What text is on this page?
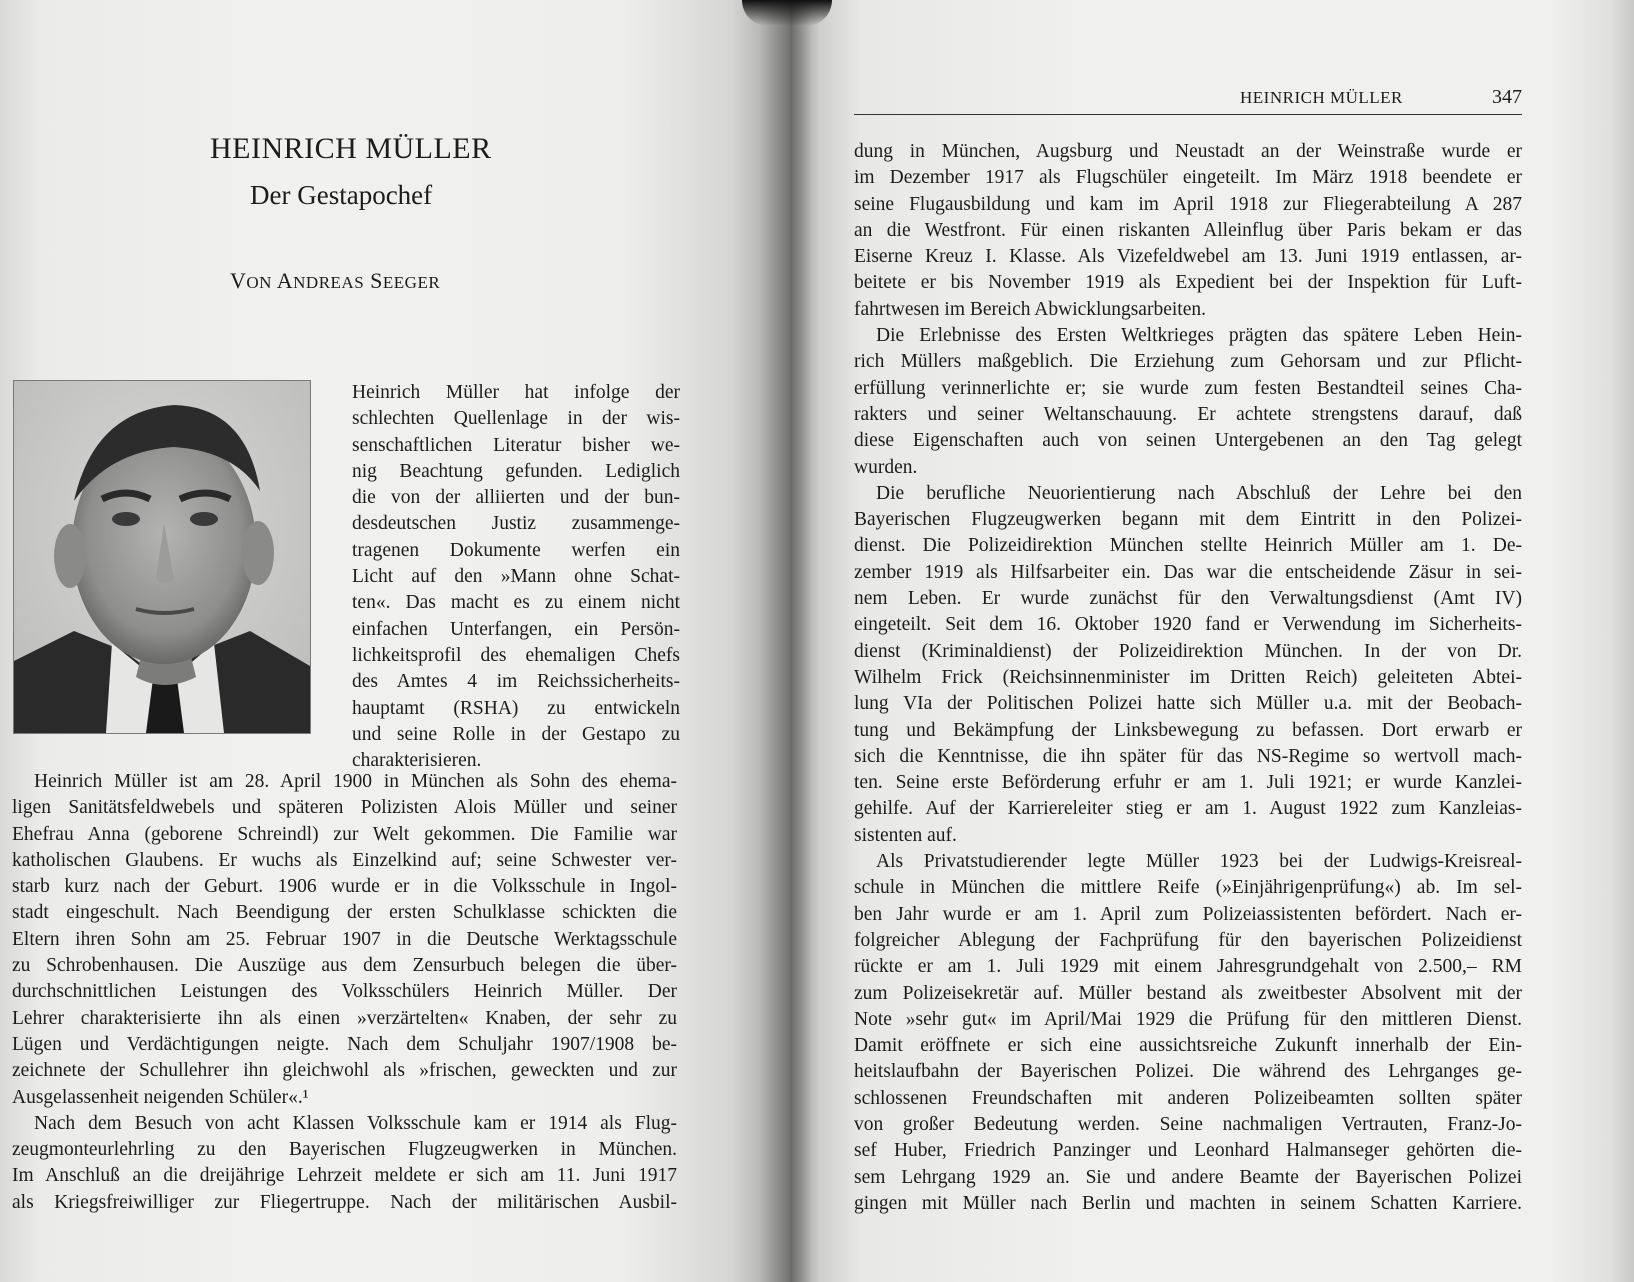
HEINRICH MÜLLER
Der Gestapochef
VON ANDREAS SEEGER
Heinrich Müller hat infolge der
schlechten Quellenlage in der wis-
senschaftlichen Literatur bisher we-
nig Beachtung gefunden. Lediglich
die von der alliierten und der bun-
desdeutschen Justiz zusammenge-
tragenen Dokumente werfen ein
Licht auf den »Mann ohne Schat-
ten«. Das macht es zu einem nicht
einfachen Unterfangen, ein Persön-
lichkeitsprofil des ehemaligen Chefs
des Amtes 4 im Reichssicherheits-
hauptamt (RSHA) zu entwickeln
und seine Rolle in der Gestapo zu
charakterisieren.
Heinrich Müller ist am 28. April 1900 in München als Sohn des ehema-
ligen Sanitätsfeldwebels und späteren Polizisten Alois Müller und seiner
Ehefrau Anna (geborene Schreindl) zur Welt gekommen. Die Familie war
katholischen Glaubens. Er wuchs als Einzelkind auf; seine Schwester ver-
starb kurz nach der Geburt. 1906 wurde er in die Volksschule in Ingol-
stadt eingeschult. Nach Beendigung der ersten Schulklasse schickten die
Eltern ihren Sohn am 25. Februar 1907 in die Deutsche Werktagsschule
zu Schrobenhausen. Die Auszüge aus dem Zensurbuch belegen die über-
durchschnittlichen Leistungen des Volksschülers Heinrich Müller. Der
Lehrer charakterisierte ihn als einen »verzärtelten« Knaben, der sehr zu
Lügen und Verdächtigungen neigte. Nach dem Schuljahr 1907/1908 be-
zeichnete der Schullehrer ihn gleichwohl als »frischen, geweckten und zur
Ausgelassenheit neigenden Schüler«.¹
Nach dem Besuch von acht Klassen Volksschule kam er 1914 als Flug-
zeugmonteurlehrling zu den Bayerischen Flugzeugwerken in München.
Im Anschluß an die dreijährige Lehrzeit meldete er sich am 11. Juni 1917
als Kriegsfreiwilliger zur Fliegertruppe. Nach der militärischen Ausbil-
HEINRICH MÜLLER	347
dung in München, Augsburg und Neustadt an der Weinstraße wurde er
im Dezember 1917 als Flugschüler eingeteilt. Im März 1918 beendete er
seine Flugausbildung und kam im April 1918 zur Fliegerabteilung A 287
an die Westfront. Für einen riskanten Alleinflug über Paris bekam er das
Eiserne Kreuz I. Klasse. Als Vizefeldwebel am 13. Juni 1919 entlassen, ar-
beitete er bis November 1919 als Expedient bei der Inspektion für Luft-
fahrtwesen im Bereich Abwicklungsarbeiten.
Die Erlebnisse des Ersten Weltkrieges prägten das spätere Leben Hein-
rich Müllers maßgeblich. Die Erziehung zum Gehorsam und zur Pflicht-
erfüllung verinnerlichte er; sie wurde zum festen Bestandteil seines Cha-
rakters und seiner Weltanschauung. Er achtete strengstens darauf, daß
diese Eigenschaften auch von seinen Untergebenen an den Tag gelegt
wurden.
Die berufliche Neuorientierung nach Abschluß der Lehre bei den
Bayerischen Flugzeugwerken begann mit dem Eintritt in den Polizei-
dienst. Die Polizeidirektion München stellte Heinrich Müller am 1. De-
zember 1919 als Hilfsarbeiter ein. Das war die entscheidende Zäsur in sei-
nem Leben. Er wurde zunächst für den Verwaltungsdienst (Amt IV)
eingeteilt. Seit dem 16. Oktober 1920 fand er Verwendung im Sicherheits-
dienst (Kriminaldienst) der Polizeidirektion München. In der von Dr.
Wilhelm Frick (Reichsinnenminister im Dritten Reich) geleiteten Abtei-
lung VIa der Politischen Polizei hatte sich Müller u.a. mit der Beobach-
tung und Bekämpfung der Linksbewegung zu befassen. Dort erwarb er
sich die Kenntnisse, die ihn später für das NS-Regime so wertvoll mach-
ten. Seine erste Beförderung erfuhr er am 1. Juli 1921; er wurde Kanzlei-
gehilfe. Auf der Karriereleiter stieg er am 1. August 1922 zum Kanzleias-
sistenten auf.
Als Privatstudierender legte Müller 1923 bei der Ludwigs-Kreisreal-
schule in München die mittlere Reife (»Einjährigenprüfung«) ab. Im sel-
ben Jahr wurde er am 1. April zum Polizeiassistenten befördert. Nach er-
folgreicher Ablegung der Fachprüfung für den bayerischen Polizeidienst
rückte er am 1. Juli 1929 mit einem Jahresgrundgehalt von 2.500,– RM
zum Polizeisekretär auf. Müller bestand als zweitbester Absolvent mit der
Note »sehr gut« im April/Mai 1929 die Prüfung für den mittleren Dienst.
Damit eröffnete er sich eine aussichtsreiche Zukunft innerhalb der Ein-
heitslaufbahn der Bayerischen Polizei. Die während des Lehrganges ge-
schlossenen Freundschaften mit anderen Polizeibeamten sollten später
von großer Bedeutung werden. Seine nachmaligen Vertrauten, Franz-Jo-
sef Huber, Friedrich Panzinger und Leonhard Halmanseger gehörten die-
sem Lehrgang 1929 an. Sie und andere Beamte der Bayerischen Polizei
gingen mit Müller nach Berlin und machten in seinem Schatten Karriere.
